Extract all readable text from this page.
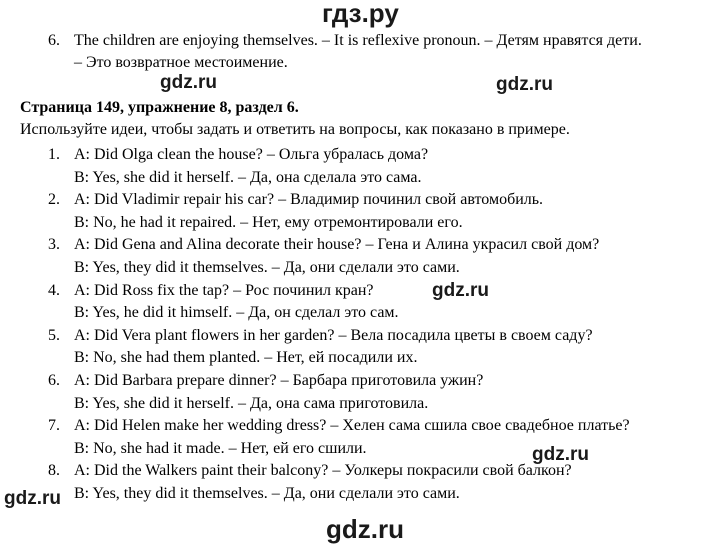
гдз.ру
gdz.ru	gdz.ru
gdz.ru
gdz.ru
gdz.ru
gdz.ru
6. The children are enjoying themselves. – It is reflexive pronoun. – Детям нравятся дети.
– Это возвратное местоимение.
Страница 149, упражнение 8, раздел 6.
Используйте идеи, чтобы задать и ответить на вопросы, как показано в примере.
1. A: Did Olga clean the house? – Ольга убралась дома?
B: Yes, she did it herself. – Да, она сделала это сама.
2. A: Did Vladimir repair his car? – Владимир починил свой автомобиль.
B: No, he had it repaired. – Нет, ему отремонтировали его.
3. A: Did Gena and Alina decorate their house? – Гена и Алина украсил свой дом?
B: Yes, they did it themselves. – Да, они сделали это сами.
4. A: Did Ross fix the tap? – Рос починил кран?
B: Yes, he did it himself. – Да, он сделал это сам.
5. A: Did Vera plant flowers in her garden? – Вела посадила цветы в своем саду?
B: No, she had them planted. – Нет, ей посадили их.
6. A: Did Barbara prepare dinner? – Барбара приготовила ужин?
B: Yes, she did it herself. – Да, она сама приготовила.
7. A: Did Helen make her wedding dress? – Хелен сама сшила свое свадебное платье?
B: No, she had it made. – Нет, ей его сшили.
8. A: Did the Walkers paint their balcony? – Уолкеры покрасили свой балкон?
B: Yes, they did it themselves. – Да, они сделали это сами.
